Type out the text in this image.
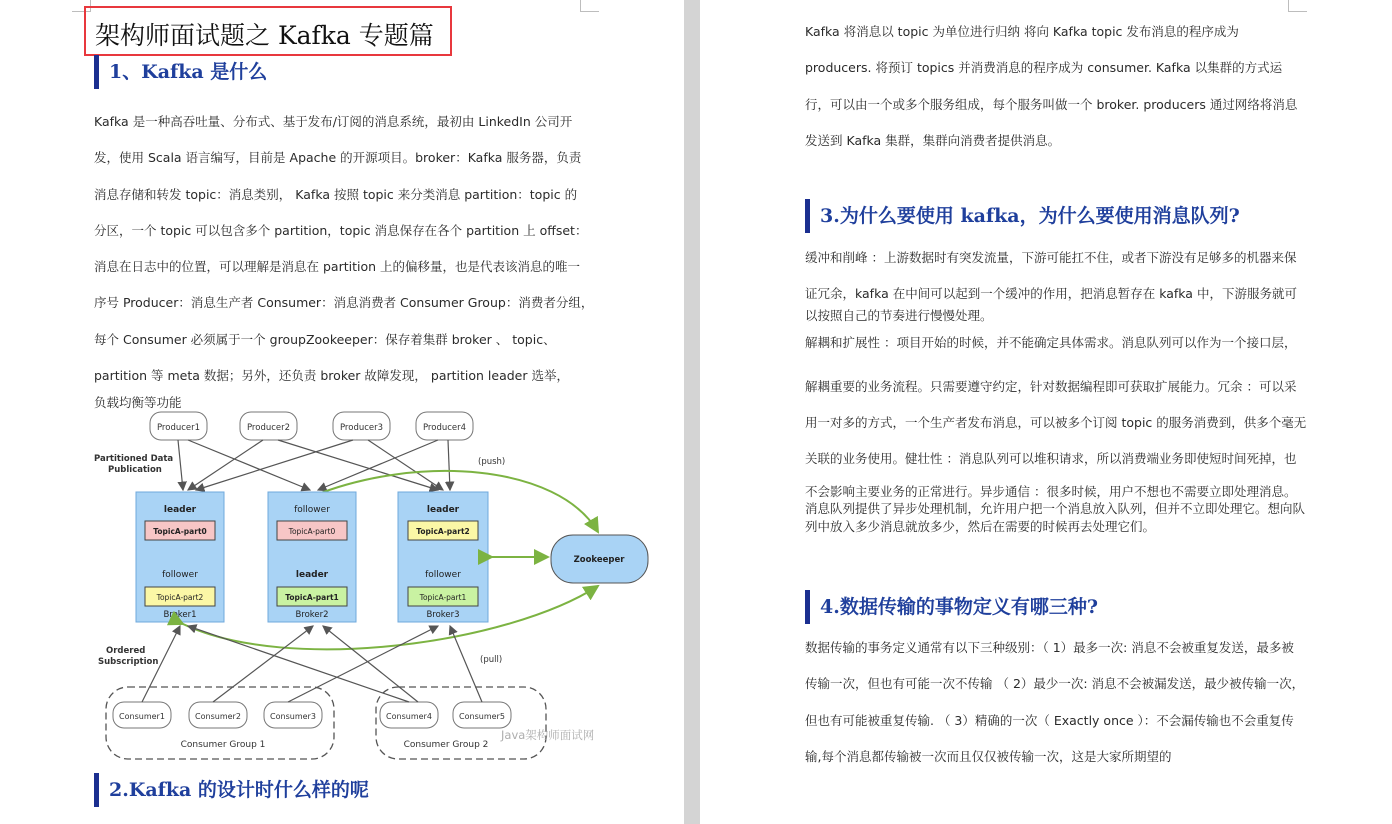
架构师面试题之 Kafka 专题篇
1、Kafka 是什么
Kafka 是一种高吞吐量、分布式、基于发布/订阅的消息系统，最初由 LinkedIn 公司开
发，使用 Scala 语言编写，目前是 Apache 的开源项目。broker：Kafka 服务器，负责
消息存储和转发 topic：消息类别， Kafka 按照 topic 来分类消息 partition：topic 的
分区，一个 topic 可以包含多个 partition，topic 消息保存在各个 partition 上 offset：
消息在日志中的位置，可以理解是消息在 partition 上的偏移量，也是代表该消息的唯一
序号 Producer：消息生产者 Consumer：消息消费者 Consumer Group：消费者分组，
每个 Consumer 必须属于一个 groupZookeeper：保存着集群 broker 、 topic、
partition 等 meta 数据；另外，还负责 broker 故障发现， partition leader 选举，
负载均衡等功能
Producer1	Producer2	Producer3	Producer4
Partitioned Data
Publication
(push)
leader
TopicA-part0
follower
TopicA-part2
Broker1
follower
TopicA-part0
leader
TopicA-part1
Broker2
leader
TopicA-part2
follower
TopicA-part1
Broker3
Zookeeper
Ordered
Subscription	(pull)
Consumer1	Consumer2	Consumer3	Consumer4	Consumer5
Consumer Group 1	Consumer Group 2
Java架构师面试网
2.Kafka 的设计时什么样的呢
Kafka 将消息以 topic 为单位进行归纳 将向 Kafka topic 发布消息的程序成为
producers. 将预订 topics 并消费消息的程序成为 consumer. Kafka 以集群的方式运
行，可以由一个或多个服务组成，每个服务叫做一个 broker. producers 通过网络将消息
发送到 Kafka 集群，集群向消费者提供消息。
3.为什么要使用 kafka，为什么要使用消息队列?
缓冲和削峰 ：上游数据时有突发流量，下游可能扛不住，或者下游没有足够多的机器来保
证冗余，kafka 在中间可以起到一个缓冲的作用，把消息暂存在 kafka 中，下游服务就可
以按照自己的节奏进行慢慢处理。
解耦和扩展性 ：项目开始的时候，并不能确定具体需求。消息队列可以作为一个接口层，
解耦重要的业务流程。只需要遵守约定，针对数据编程即可获取扩展能力。冗余 ：可以采
用一对多的方式，一个生产者发布消息，可以被多个订阅 topic 的服务消费到，供多个毫无
关联的业务使用。健壮性 ：消息队列可以堆积请求，所以消费端业务即使短时间死掉，也
不会影响主要业务的正常进行。异步通信 ：很多时候，用户不想也不需要立即处理消息。
消息队列提供了异步处理机制，允许用户把一个消息放入队列，但并不立即处理它。想向队
列中放入多少消息就放多少，然后在需要的时候再去处理它们。
4.数据传输的事物定义有哪三种?
数据传输的事务定义通常有以下三种级别：（ 1）最多一次: 消息不会被重复发送，最多被
传输一次，但也有可能一次不传输 （ 2）最少一次: 消息不会被漏发送，最少被传输一次，
但也有可能被重复传输. （ 3）精确的一次（ Exactly once ）：不会漏传输也不会重复传
输,每个消息都传输被一次而且仅仅被传输一次，这是大家所期望的
